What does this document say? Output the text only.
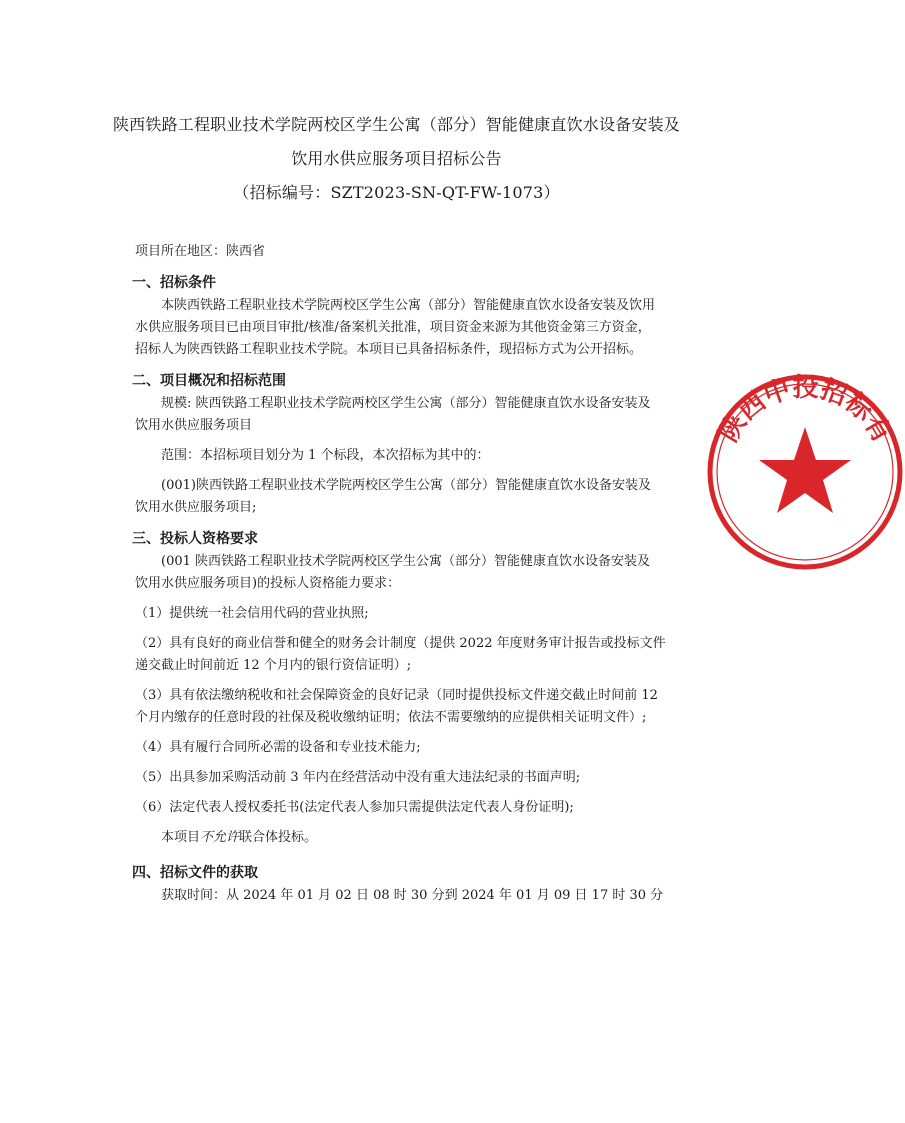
陕西铁路工程职业技术学院两校区学生公寓（部分）智能健康直饮水设备安装及
饮用水供应服务项目招标公告
（招标编号：SZT2023-SN-QT-FW-1073）
项目所在地区：陕西省
一、招标条件
本陕西铁路工程职业技术学院两校区学生公寓（部分）智能健康直饮水设备安装及饮用
水供应服务项目已由项目审批/核准/备案机关批准，项目资金来源为其他资金第三方资金，
招标人为陕西铁路工程职业技术学院。本项目已具备招标条件，现招标方式为公开招标。
二、项目概况和招标范围
规模: 陕西铁路工程职业技术学院两校区学生公寓（部分）智能健康直饮水设备安装及
饮用水供应服务项目
范围：本招标项目划分为 1 个标段，本次招标为其中的：
(001)陕西铁路工程职业技术学院两校区学生公寓（部分）智能健康直饮水设备安装及
饮用水供应服务项目;
三、投标人资格要求
(001 陕西铁路工程职业技术学院两校区学生公寓（部分）智能健康直饮水设备安装及
饮用水供应服务项目)的投标人资格能力要求：
（1）提供统一社会信用代码的营业执照;
（2）具有良好的商业信誉和健全的财务会计制度（提供 2022 年度财务审计报告或投标文件
递交截止时间前近 12 个月内的银行资信证明）;
（3）具有依法缴纳税收和社会保障资金的良好记录（同时提供投标文件递交截止时间前 12
个月内缴存的任意时段的社保及税收缴纳证明；依法不需要缴纳的应提供相关证明文件）;
（4）具有履行合同所必需的设备和专业技术能力;
（5）出具参加采购活动前 3 年内在经营活动中没有重大违法纪录的书面声明;
（6）法定代表人授权委托书(法定代表人参加只需提供法定代表人身份证明);
本项目不允许联合体投标。
四、招标文件的获取
获取时间：从 2024 年 01 月 02 日 08 时 30 分到 2024 年 01 月 09 日 17 时 30 分
陕西中投招标有
